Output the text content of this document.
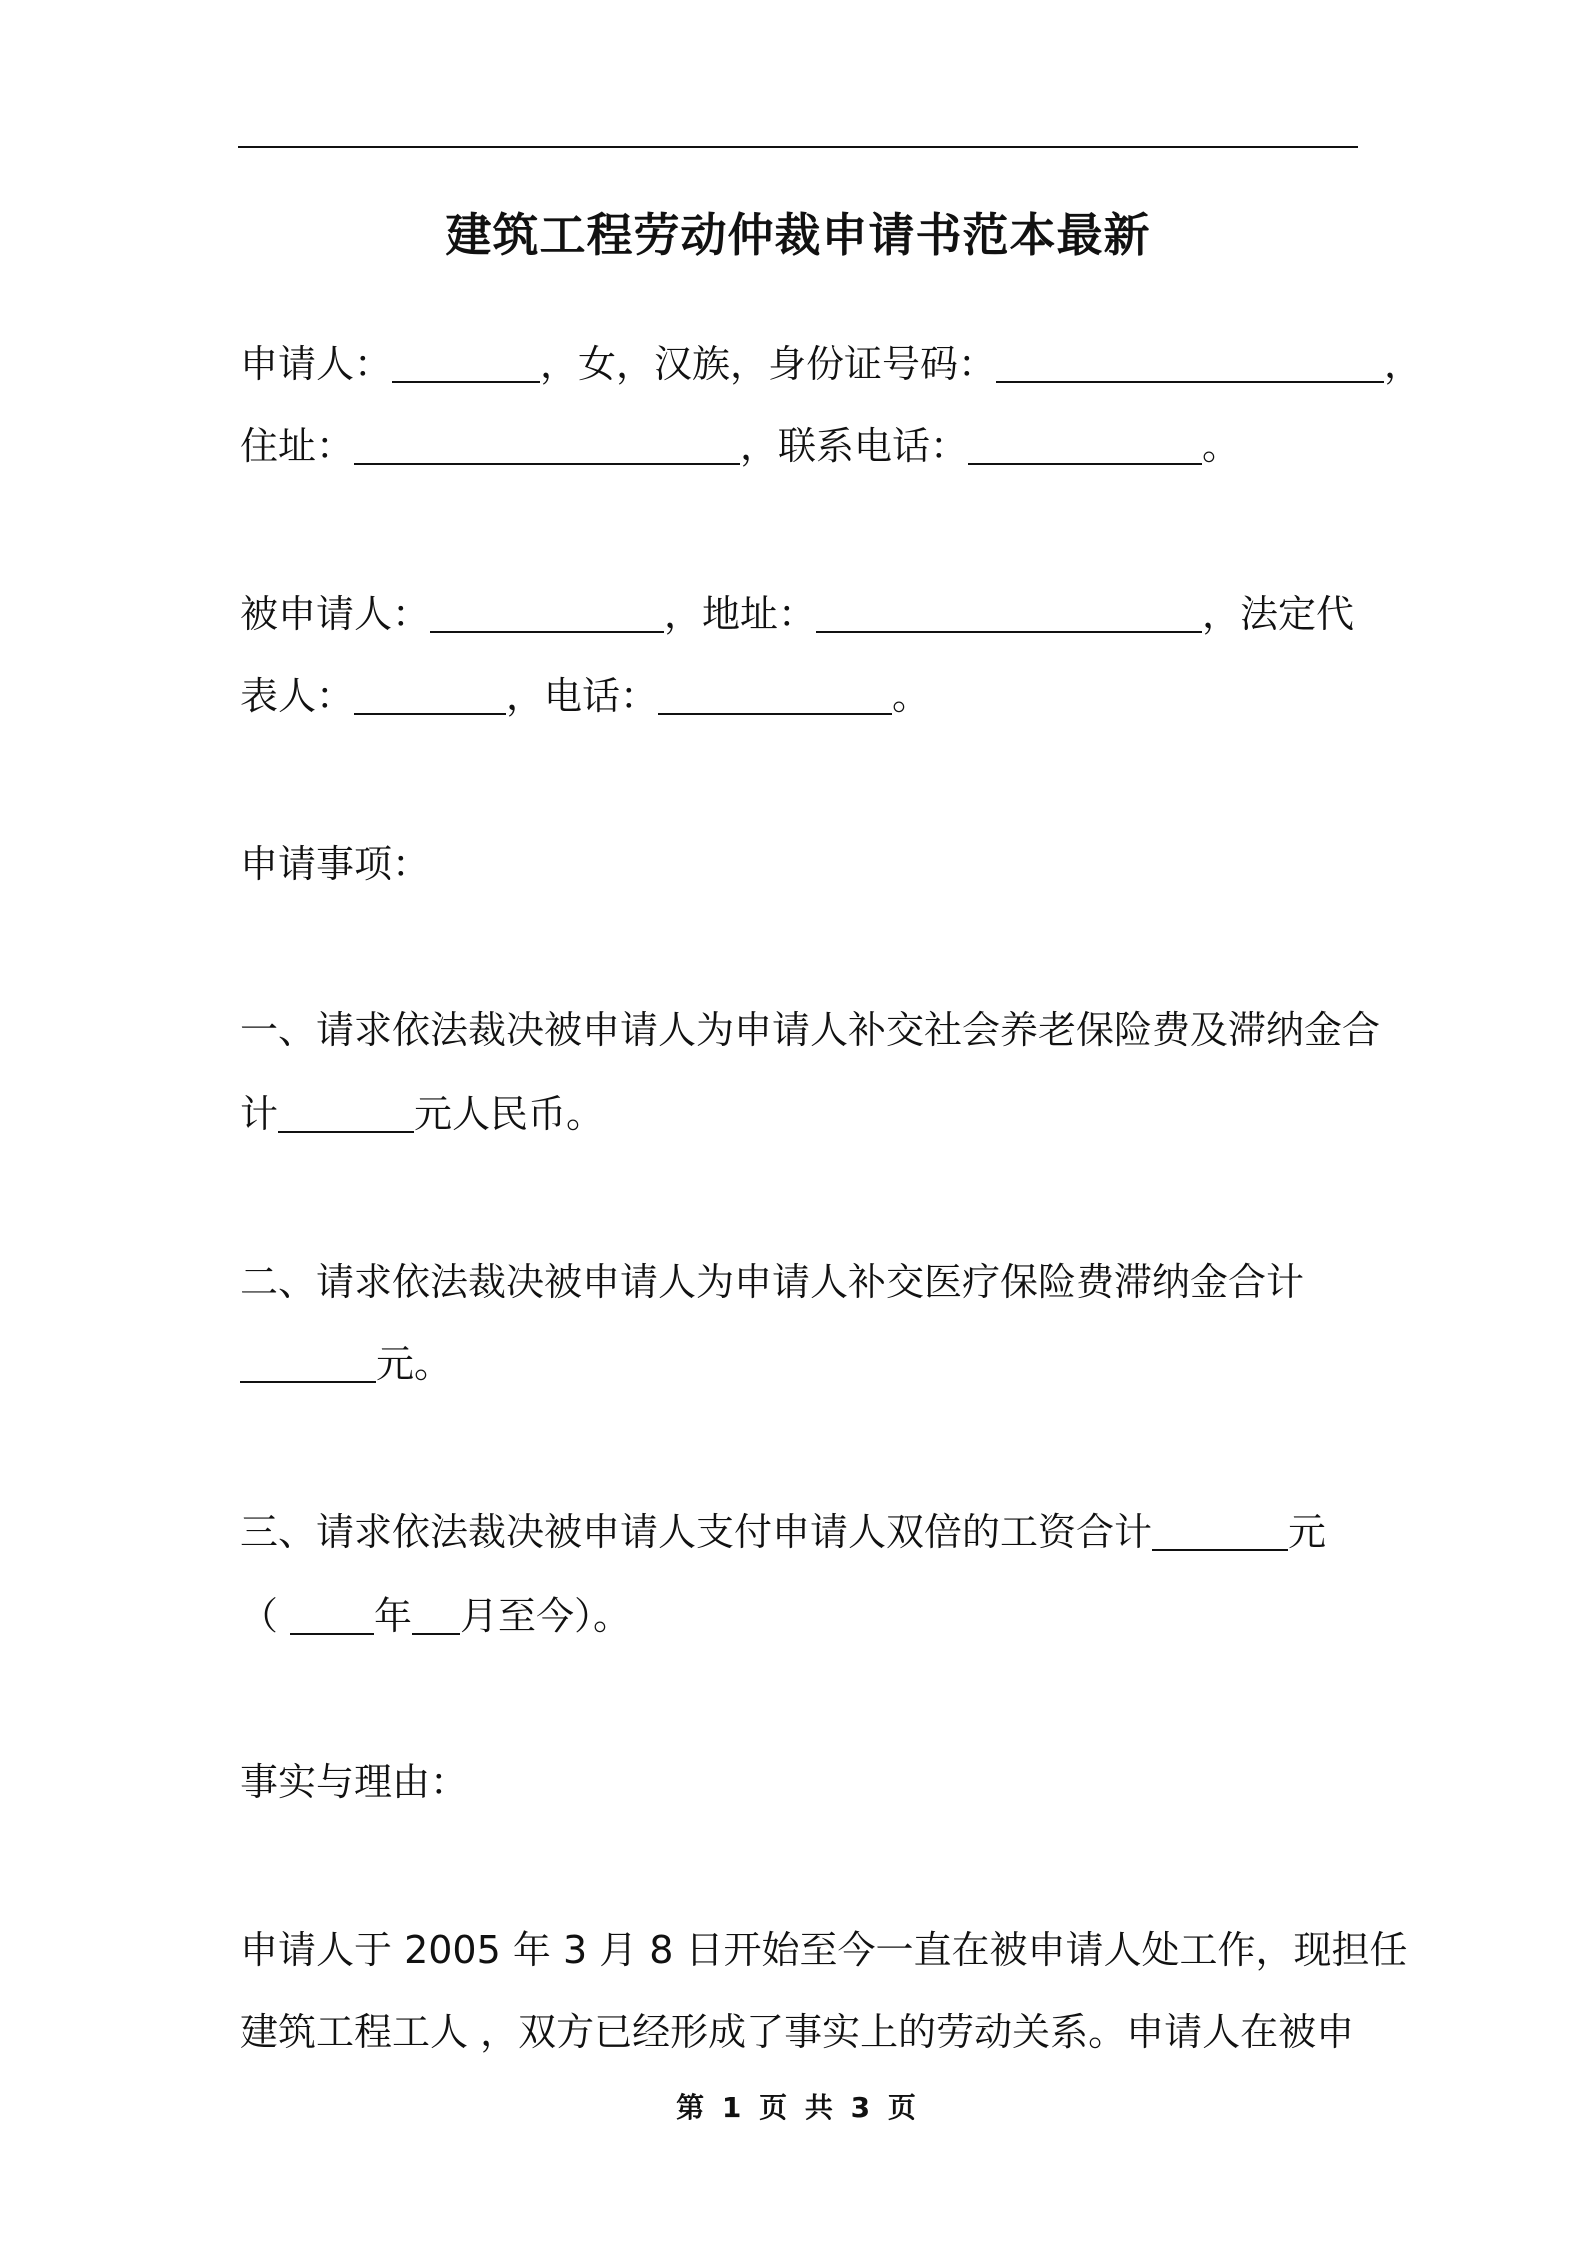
建筑工程劳动仲裁申请书范本最新
申请人：	，女，汉族，身份证号码：	，
住址：	，联系电话：	。
被申请人：	，地址：	，法定代
表人：	，电话：	。
申请事项：
一、请求依法裁决被申请人为申请人补交社会养老保险费及滞纳金合
计	元人民币。
二、请求依法裁决被申请人为申请人补交医疗保险费滞纳金合计
元。
三、请求依法裁决被申请人支付申请人双倍的工资合计	元
（	年 月至今）。
事实与理由：
申请人于 2005 年 3 月 8 日开始至今一直在被申请人处工作，现担任
建筑工程工人 ，双方已经形成了事实上的劳动关系。申请人在被申
第 1 页 共 3 页
